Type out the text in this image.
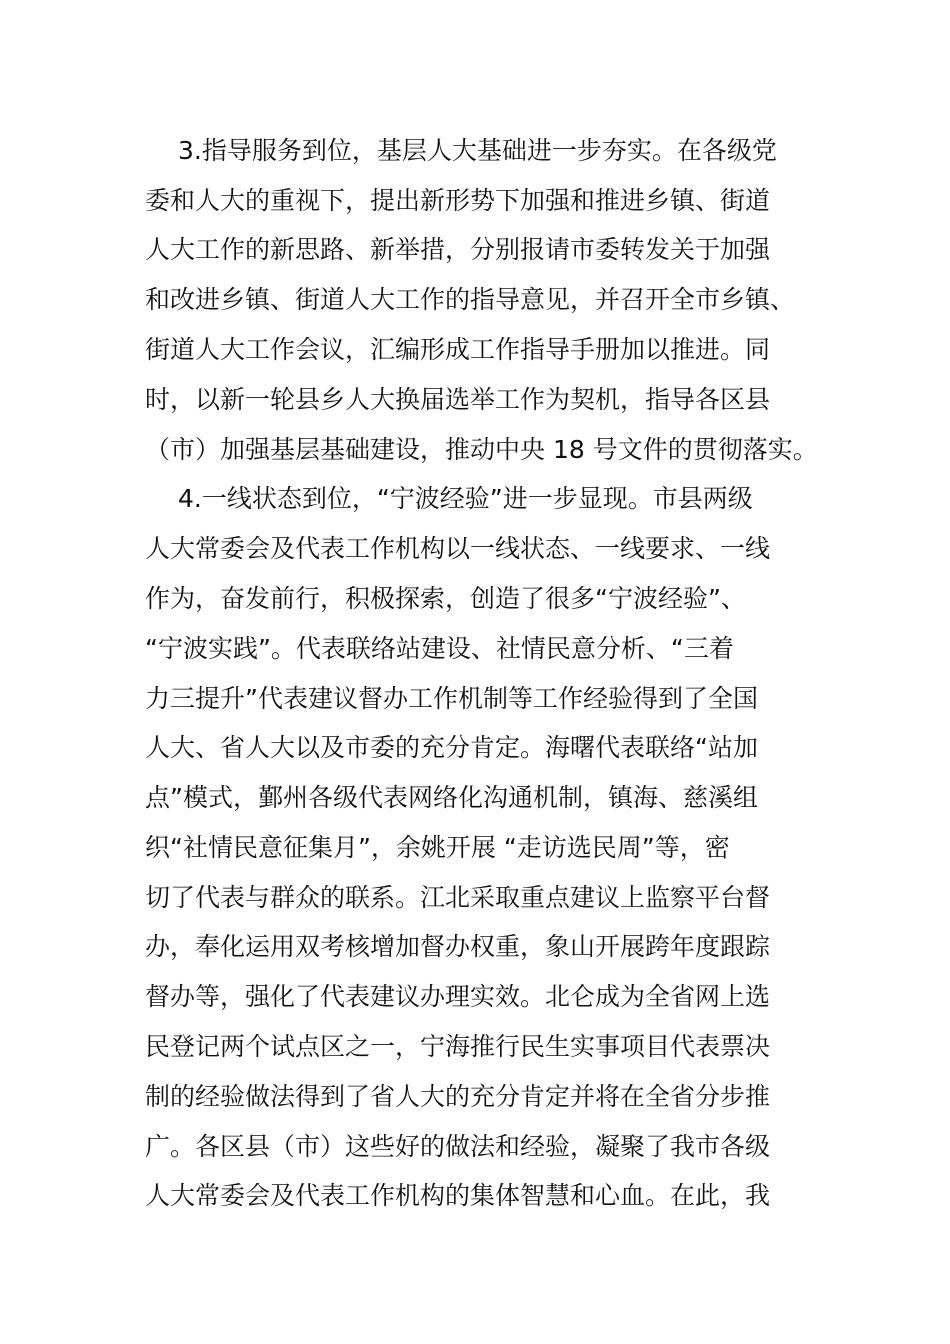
3.指导服务到位，基层人大基础进一步夯实。在各级党
委和人大的重视下，提出新形势下加强和推进乡镇、街道
人大工作的新思路、新举措，分别报请市委转发关于加强
和改进乡镇、街道人大工作的指导意见，并召开全市乡镇、
街道人大工作会议，汇编形成工作指导手册加以推进。同
时，以新一轮县乡人大换届选举工作为契机，指导各区县
（市）加强基层基础建设，推动中央 18 号文件的贯彻落实。
4.一线状态到位，“宁波经验”进一步显现。市县两级
人大常委会及代表工作机构以一线状态、一线要求、一线
作为，奋发前行，积极探索，创造了很多“宁波经验”、
“宁波实践”。代表联络站建设、社情民意分析、“三着
力三提升”代表建议督办工作机制等工作经验得到了全国
人大、省人大以及市委的充分肯定。海曙代表联络“站加
点”模式，鄞州各级代表网络化沟通机制，镇海、慈溪组
织“社情民意征集月”，余姚开展 “走访选民周”等，密
切了代表与群众的联系。江北采取重点建议上监察平台督
办，奉化运用双考核增加督办权重，象山开展跨年度跟踪
督办等，强化了代表建议办理实效。北仑成为全省网上选
民登记两个试点区之一，宁海推行民生实事项目代表票决
制的经验做法得到了省人大的充分肯定并将在全省分步推
广。各区县（市）这些好的做法和经验，凝聚了我市各级
人大常委会及代表工作机构的集体智慧和心血。在此，我
